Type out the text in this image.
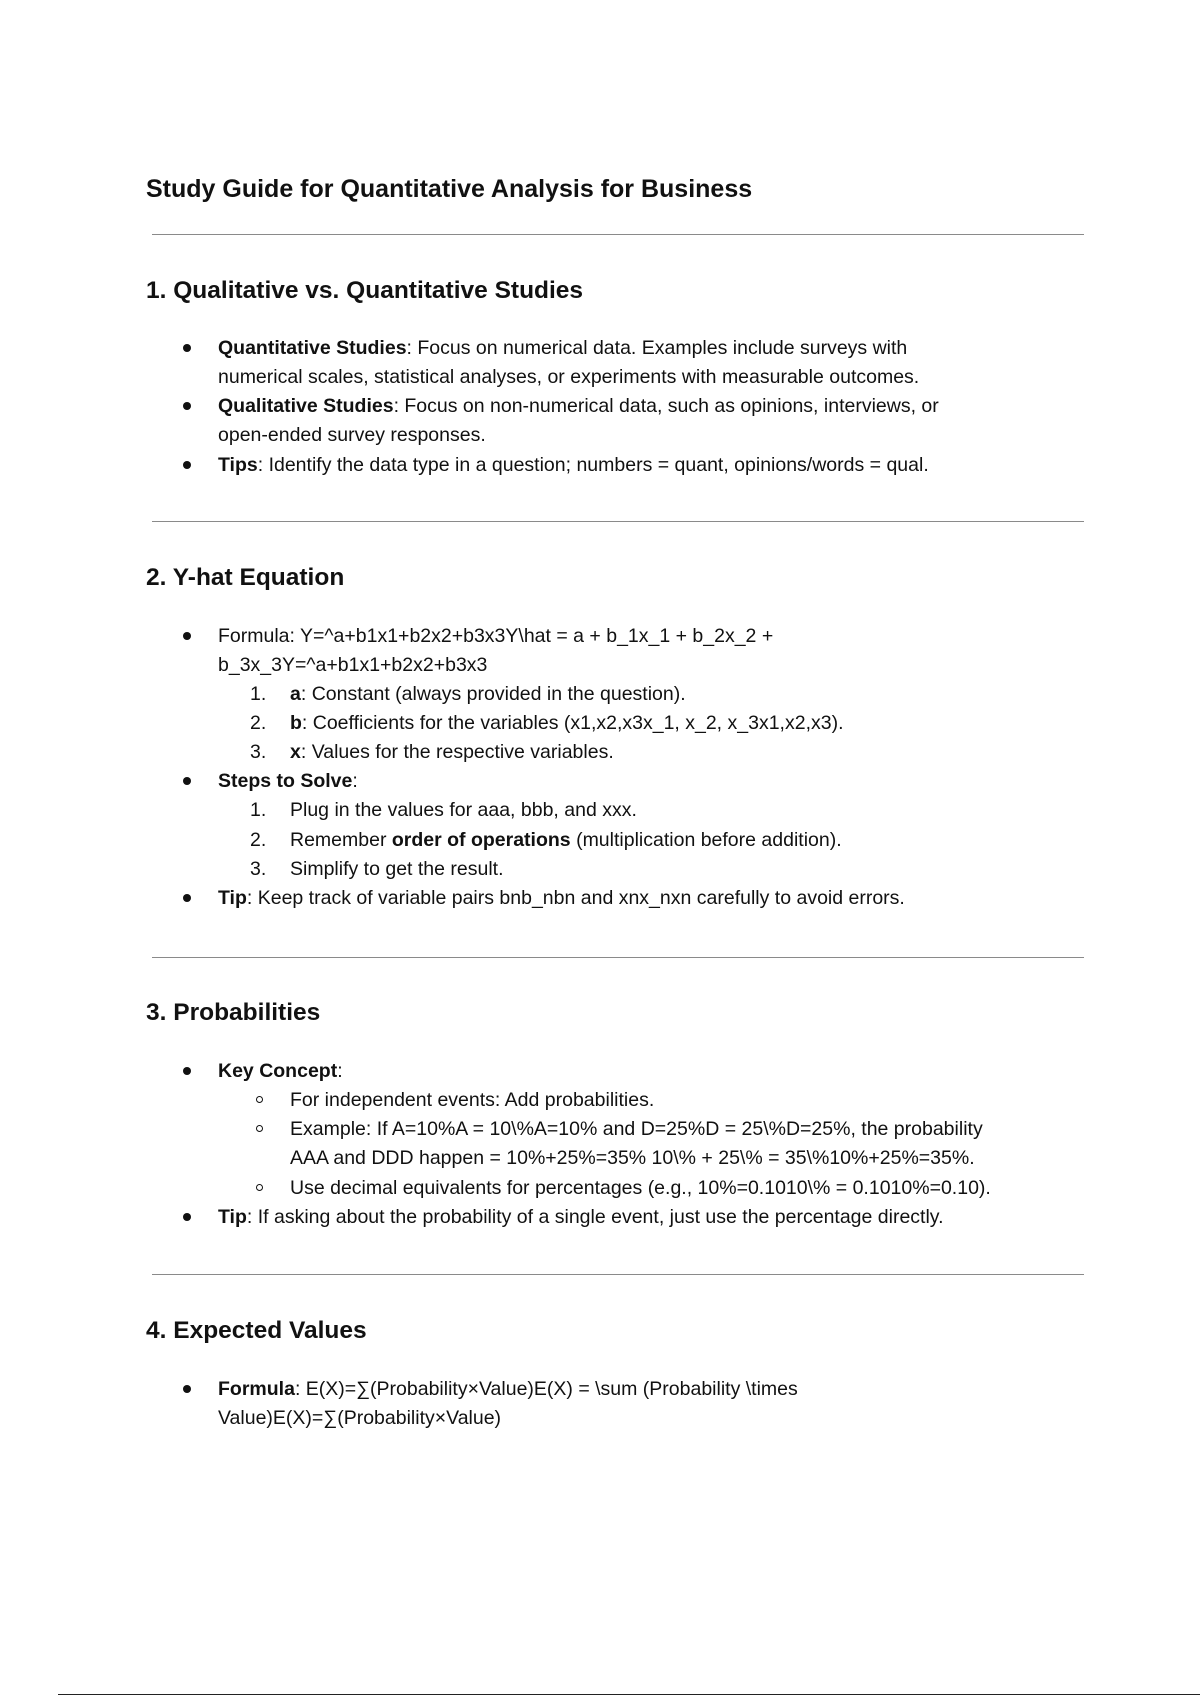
Study Guide for Quantitative Analysis for Business
1. Qualitative vs. Quantitative Studies

Quantitative Studies: Focus on numerical data. Examples include surveys with

numerical scales, statistical analyses, or experiments with measurable outcomes.

Qualitative Studies: Focus on non-numerical data, such as opinions, interviews, or

open-ended survey responses.

Tips: Identify the data type in a question; numbers = quant, opinions/words = qual.

2. Y-hat Equation

Formula: Y=^a+b1x1+b2x2+b3x3Y\hat = a + b_1x_1 + b_2x_2 +

b_3x_3Y=^a+b1x1+b2x2+b3x3

1.	a: Constant (always provided in the question).

2.	b: Coefficients for the variables (x1,x2,x3x_1, x_2, x_3x1,x2,x3).

3.	x: Values for the respective variables.

Steps to Solve:

1.	Plug in the values for aaa, bbb, and xxx.

2.	Remember order of operations (multiplication before addition).

3.	Simplify to get the result.

Tip: Keep track of variable pairs bnb_nbn and xnx_nxn carefully to avoid errors.

3. Probabilities

Key Concept:

For independent events: Add probabilities.

Example: If A=10%A = 10\%A=10% and D=25%D = 25\%D=25%, the probability

AAA and DDD happen = 10%+25%=35% 10\% + 25\% = 35\%10%+25%=35%.

Use decimal equivalents for percentages (e.g., 10%=0.1010\% = 0.1010%=0.10).

Tip: If asking about the probability of a single event, just use the percentage directly.

4. Expected Values

Formula: E(X)=∑(Probability×Value)E(X) = \sum (Probability \times

Value)E(X)=∑(Probability×Value)
